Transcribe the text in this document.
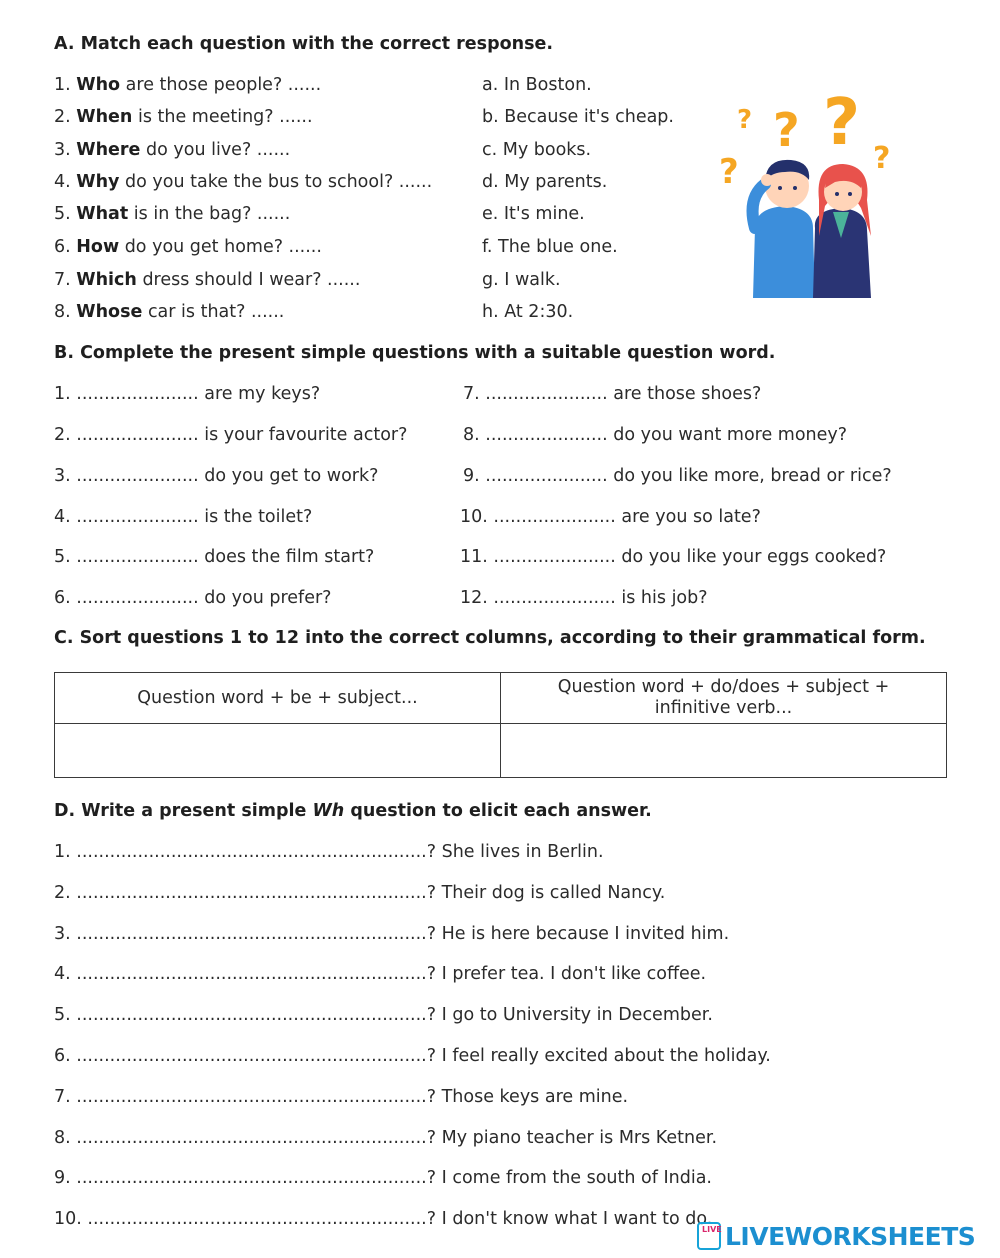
A. Match each question with the correct response.
1. Who are those people? ......
2. When is the meeting? ......
3. Where do you live? ......
4. Why do you take the bus to school? ......
5. What is in the bag? ......
6. How do you get home? ......
7. Which dress should I wear? ......
8. Whose car is that? ......
a. In Boston.
b. Because it's cheap.
c. My books.
d. My parents.
e. It's mine.
f. The blue one.
g. I walk.
h. At 2:30.
? ? ? ?
?
B. Complete the present simple questions with a suitable question word.
1. ...................... are my keys?
2. ...................... is your favourite actor?
3. ...................... do you get to work?
4. ...................... is the toilet?
5. ...................... does the film start?
6. ...................... do you prefer?
7. ...................... are those shoes?
8. ...................... do you want more money?
9. ...................... do you like more, bread or rice?
10. ...................... are you so late?
11. ...................... do you like your eggs cooked?
12. ...................... is his job?
C. Sort questions 1 to 12 into the correct columns, according to their grammatical form.
Question word + be + subject...	Question word + do/does + subject +
infinitive verb...

D. Write a present simple Wh question to elicit each answer.
1. ...............................................................? She lives in Berlin.
2. ...............................................................? Their dog is called Nancy.
3. ...............................................................? He is here because I invited him.
4. ...............................................................? I prefer tea. I don't like coffee.
5. ...............................................................? I go to University in December.
6. ...............................................................? I feel really excited about the holiday.
7. ...............................................................? Those keys are mine.
8. ...............................................................? My piano teacher is Mrs Ketner.
9. ...............................................................? I come from the south of India.
10. .............................................................? I don't know what I want to do.
LIVE LIVEWORKSHEETS
